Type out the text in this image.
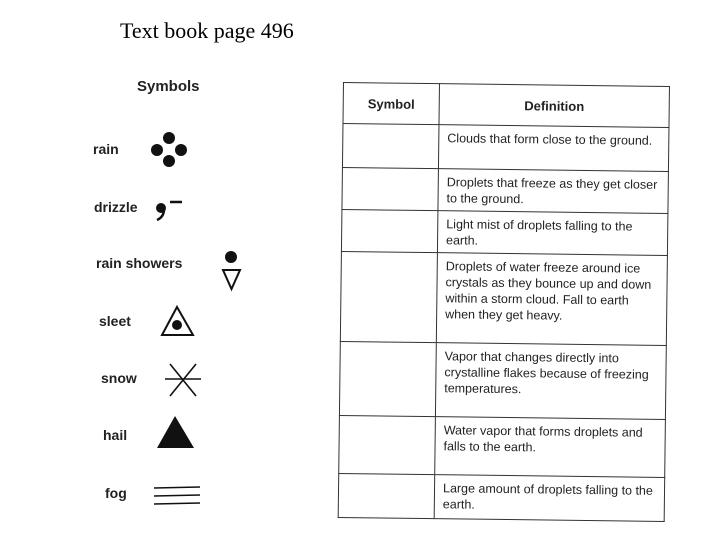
Text book page 496
Symbols
rain
drizzle
rain showers
sleet
snow
hail
fog
Symbol	Definition
	Clouds that form close to the ground.
	Droplets that freeze as they get closer to the ground.
	Light mist of droplets falling to the earth.
	Droplets of water freeze around ice crystals as they bounce up and down within a storm cloud. Fall to earth when they get heavy.
	Vapor that changes directly into crystalline flakes because of freezing temperatures.
	Water vapor that forms droplets and falls to the earth.
	Large amount of droplets falling to the earth.
